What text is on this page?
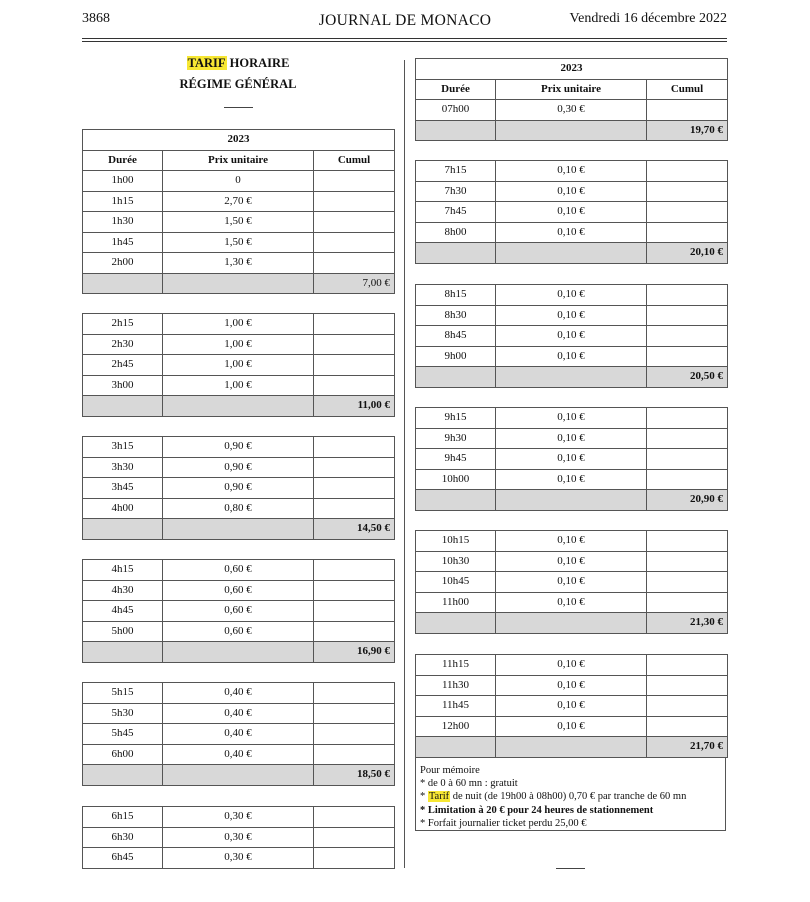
3868	JOURNAL DE MONACO	Vendredi 16 décembre 2022
TARIF HORAIRE
RÉGIME GÉNÉRAL
2023		
Durée	Prix unitaire	Cumul
1h00	0	
1h15	2,70 €	
1h30	1,50 €	
1h45	1,50 €	
2h00	1,30 €	
		7,00 €
2h15	1,00 €	
2h30	1,00 €	
2h45	1,00 €	
3h00	1,00 €	
		11,00 €
3h15	0,90 €	
3h30	0,90 €	
3h45	0,90 €	
4h00	0,80 €	
		14,50 €
4h15	0,60 €	
4h30	0,60 €	
4h45	0,60 €	
5h00	0,60 €	
		16,90 €
5h15	0,40 €	
5h30	0,40 €	
5h45	0,40 €	
6h00	0,40 €	
		18,50 €
6h15	0,30 €	
6h30	0,30 €	
6h45	0,30 €	
2023		
Durée	Prix unitaire	Cumul
07h00	0,30 €	
		19,70 €
7h15	0,10 €	
7h30	0,10 €	
7h45	0,10 €	
8h00	0,10 €	
		20,10 €
8h15	0,10 €	
8h30	0,10 €	
8h45	0,10 €	
9h00	0,10 €	
		20,50 €
9h15	0,10 €	
9h30	0,10 €	
9h45	0,10 €	
10h00	0,10 €	
		20,90 €
10h15	0,10 €	
10h30	0,10 €	
10h45	0,10 €	
11h00	0,10 €	
		21,30 €
11h15	0,10 €	
11h30	0,10 €	
11h45	0,10 €	
12h00	0,10 €	
		21,70 €
Pour mémoire
* de 0 à 60 mn : gratuit
* Tarif de nuit (de 19h00 à 08h00) 0,70 € par tranche de 60 mn
* Limitation à 20 € pour 24 heures de stationnement
* Forfait journalier ticket perdu 25,00 €
